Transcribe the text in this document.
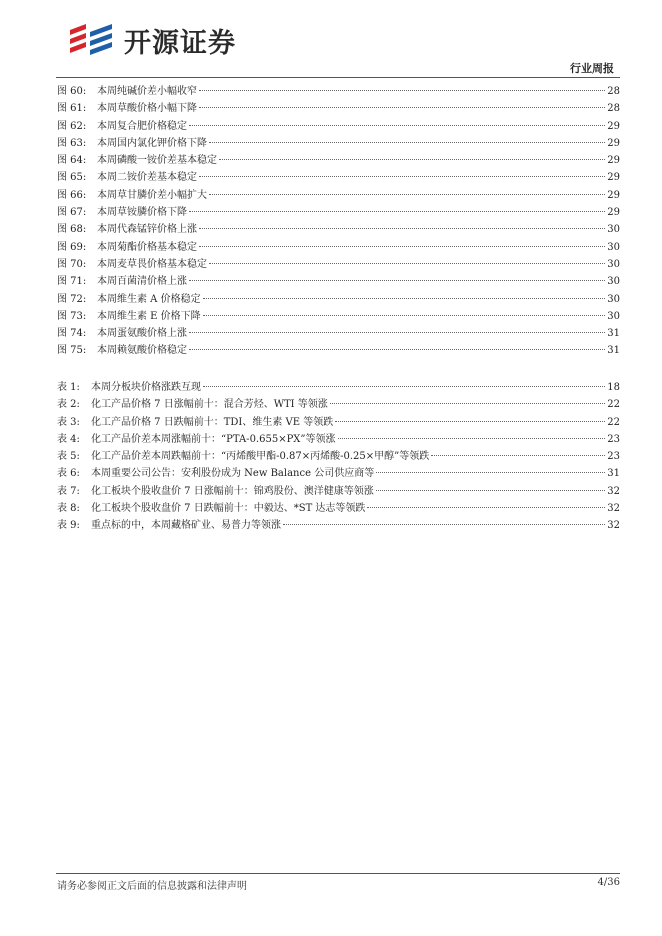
开源证券
行业周报
图 60:	本周纯碱价差小幅收窄	28
图 61:	本周草酸价格小幅下降	28
图 62:	本周复合肥价格稳定	29
图 63:	本周国内氯化钾价格下降	29
图 64:	本周磷酸一铵价差基本稳定	29
图 65:	本周二铵价差基本稳定	29
图 66:	本周草甘膦价差小幅扩大	29
图 67:	本周草铵膦价格下降	29
图 68:	本周代森锰锌价格上涨	30
图 69:	本周菊酯价格基本稳定	30
图 70:	本周麦草畏价格基本稳定	30
图 71:	本周百菌清价格上涨	30
图 72:	本周维生素 A 价格稳定	30
图 73:	本周维生素 E 价格下降	30
图 74:	本周蛋氨酸价格上涨	31
图 75:	本周赖氨酸价格稳定	31
表 1:	本周分板块价格涨跌互现	18
表 2:	化工产品价格 7 日涨幅前十：混合芳烃、WTI 等领涨	22
表 3:	化工产品价格 7 日跌幅前十：TDI、维生素 VE 等领跌	22
表 4:	化工产品价差本周涨幅前十：“PTA-0.655×PX”等领涨	23
表 5:	化工产品价差本周跌幅前十：“丙烯酸甲酯-0.87×丙烯酸-0.25×甲醇”等领跌	23
表 6:	本周重要公司公告：安利股份成为 New Balance 公司供应商等	31
表 7:	化工板块个股收盘价 7 日涨幅前十：锦鸡股份、澳洋健康等领涨	32
表 8:	化工板块个股收盘价 7 日跌幅前十：中毅达、*ST 达志等领跌	32
表 9:	重点标的中，本周藏格矿业、易普力等领涨	32
请务必参阅正文后面的信息披露和法律声明	4/36
